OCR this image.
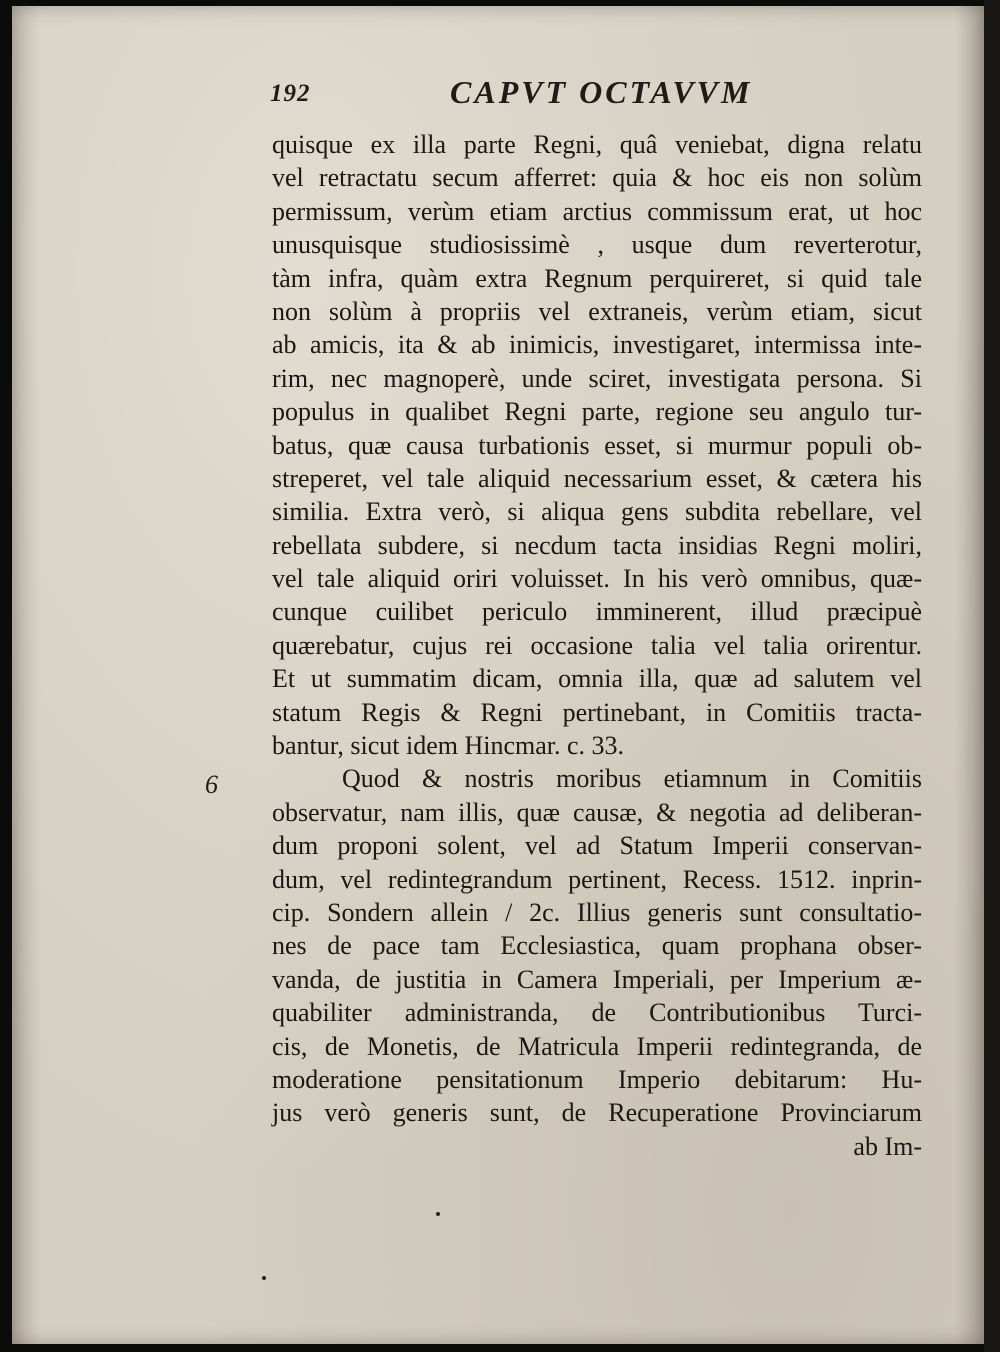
192	CAPVT OCTAVVM
6
quisque ex illa parte Regni, quâ veniebat, digna relatu
vel retractatu secum afferret: quia & hoc eis non solùm
permissum, verùm etiam arctius commissum erat, ut hoc
unusquisque studiosissimè , usque dum reverterotur,
tàm infra, quàm extra Regnum perquireret, si quid tale
non solùm à propriis vel extraneis, verùm etiam, sicut
ab amicis, ita & ab inimicis, investigaret, intermissa inte-
rim, nec magnoperè, unde sciret, investigata persona. Si
populus in qualibet Regni parte, regione seu angulo tur-
batus, quæ causa turbationis esset, si murmur populi ob-
streperet, vel tale aliquid necessarium esset, & cætera his
similia. Extra verò, si aliqua gens subdita rebellare, vel
rebellata subdere, si necdum tacta insidias Regni moliri,
vel tale aliquid oriri voluisset. In his verò omnibus, quæ-
cunque cuilibet periculo imminerent, illud præcipuè
quærebatur, cujus rei occasione talia vel talia orirentur.
Et ut summatim dicam, omnia illa, quæ ad salutem vel
statum Regis & Regni pertinebant, in Comitiis tracta-
bantur, sicut idem Hincmar. c. 33.
Quod & nostris moribus etiamnum in Comitiis
observatur, nam illis, quæ causæ, & negotia ad deliberan-
dum proponi solent, vel ad Statum Imperii conservan-
dum, vel redintegrandum pertinent, Recess. 1512. inprin-
cip. Sondern allein / 2c. Illius generis sunt consultatio-
nes de pace tam Ecclesiastica, quam prophana obser-
vanda, de justitia in Camera Imperiali, per Imperium æ-
quabiliter administranda, de Contributionibus Turci-
cis, de Monetis, de Matricula Imperii redintegranda, de
moderatione pensitationum Imperio debitarum: Hu-
jus verò generis sunt, de Recuperatione Provinciarum
ab Im-
